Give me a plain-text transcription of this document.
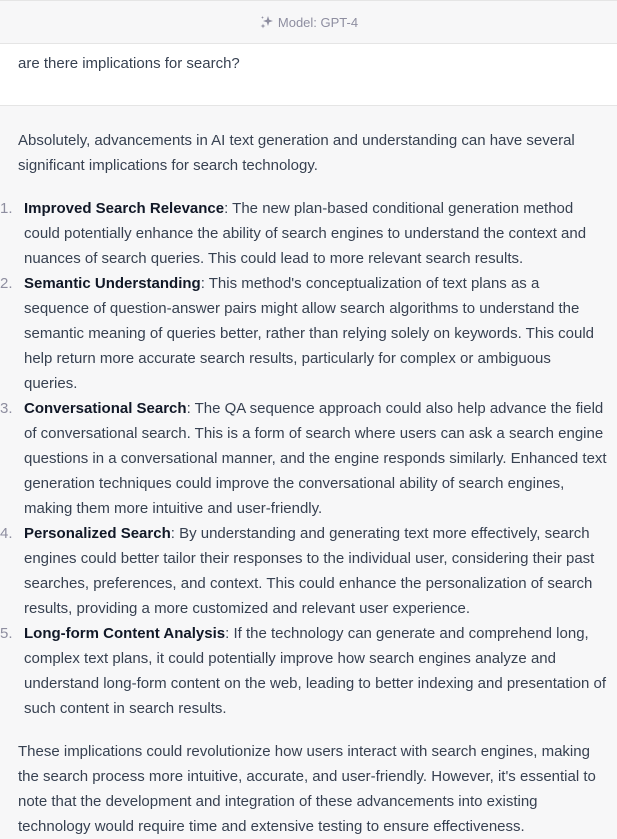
Model: GPT-4
are there implications for search?

Absolutely, advancements in AI text generation and understanding can have several significant implications for search technology.

1. Improved Search Relevance: The new plan-based conditional generation method could potentially enhance the ability of search engines to understand the context and nuances of search queries. This could lead to more relevant search results.
2. Semantic Understanding: This method's conceptualization of text plans as a sequence of question-answer pairs might allow search algorithms to understand the semantic meaning of queries better, rather than relying solely on keywords. This could help return more accurate search results, particularly for complex or ambiguous queries.
3. Conversational Search: The QA sequence approach could also help advance the field of conversational search. This is a form of search where users can ask a search engine questions in a conversational manner, and the engine responds similarly. Enhanced text generation techniques could improve the conversational ability of search engines, making them more intuitive and user-friendly.
4. Personalized Search: By understanding and generating text more effectively, search engines could better tailor their responses to the individual user, considering their past searches, preferences, and context. This could enhance the personalization of search results, providing a more customized and relevant user experience.
5. Long-form Content Analysis: If the technology can generate and comprehend long, complex text plans, it could potentially improve how search engines analyze and understand long-form content on the web, leading to better indexing and presentation of such content in search results.

These implications could revolutionize how users interact with search engines, making the search process more intuitive, accurate, and user-friendly. However, it's essential to note that the development and integration of these advancements into existing technology would require time and extensive testing to ensure effectiveness.
